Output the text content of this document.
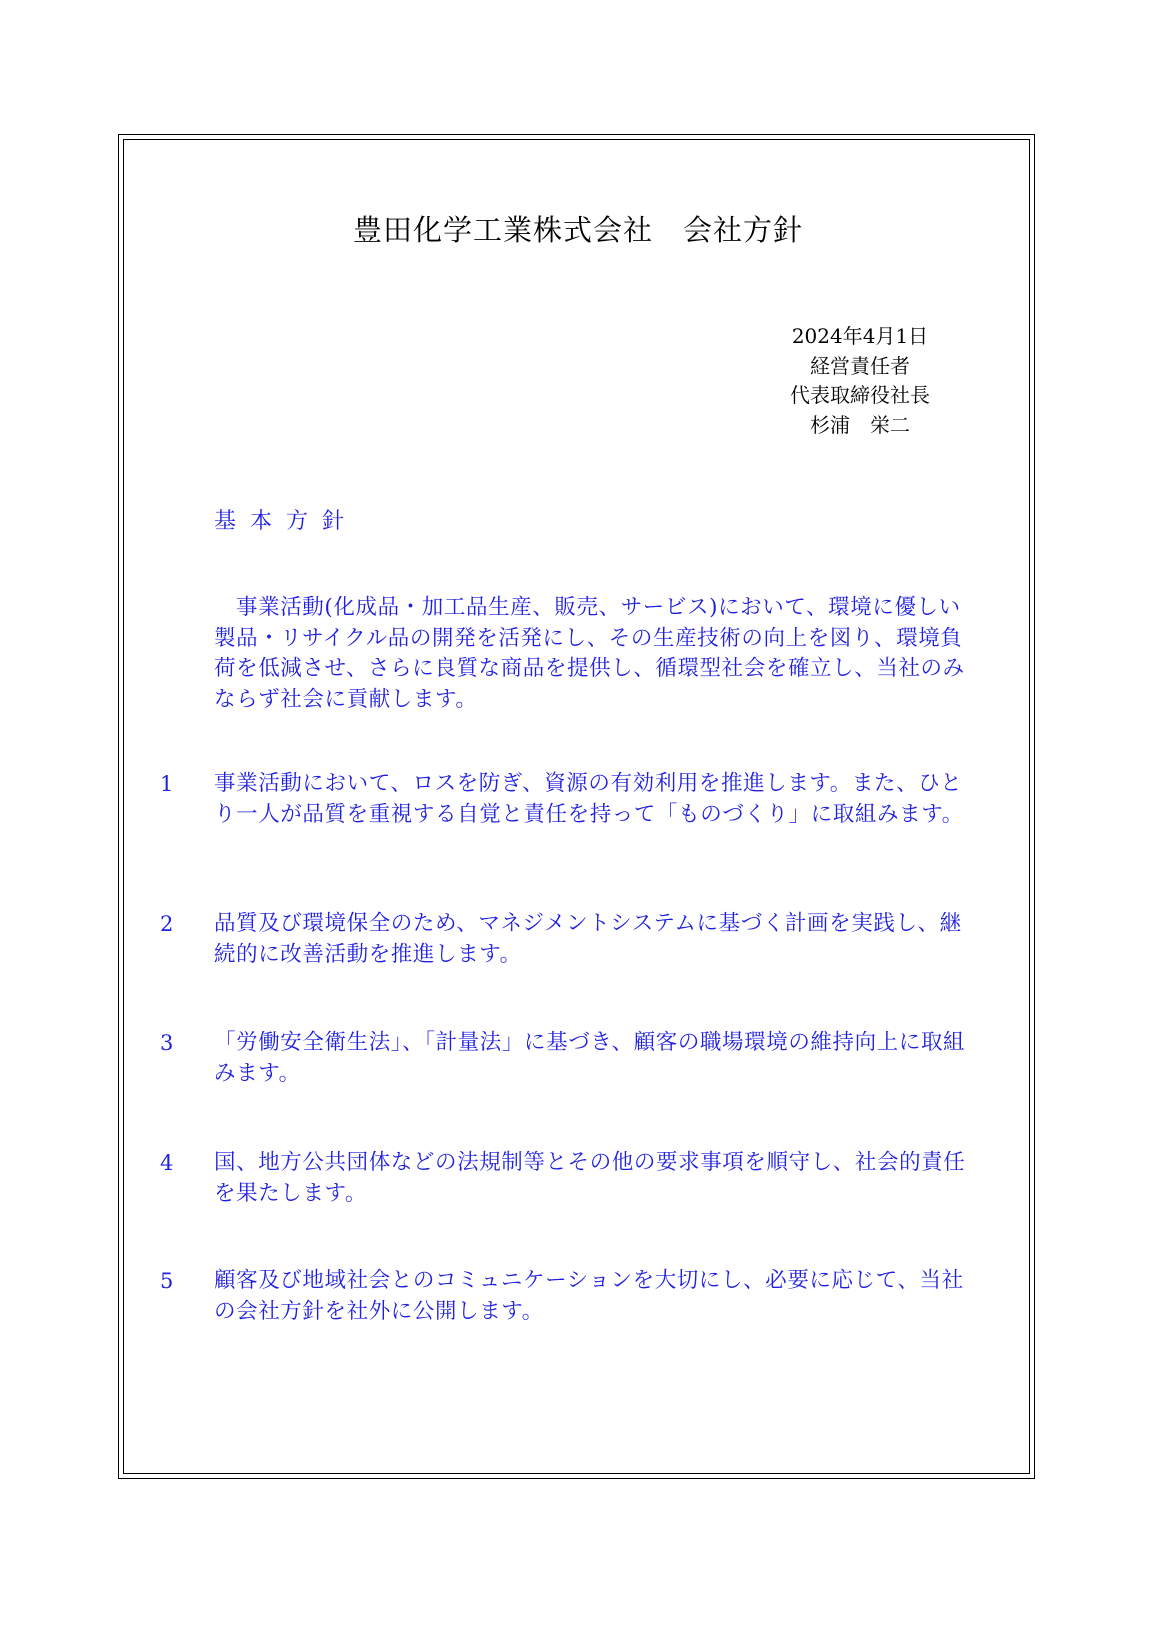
豊田化学工業株式会社　会社方針
2024年4月1日
経営責任者
代表取締役社長
杉浦　栄二
基本方針

事業活動(化成品・加工品生産、販売、サービス)において、環境に優しい製品・リサイクル品の開発を活発にし、その生産技術の向上を図り、環境負荷を低減させ、さらに良質な商品を提供し、循環型社会を確立し、当社のみならず社会に貢献します。

1 事業活動において、ロスを防ぎ、資源の有効利用を推進します。また、ひとり一人が品質を重視する自覚と責任を持って「ものづくり」に取組みます。

2 品質及び環境保全のため、マネジメントシステムに基づく計画を実践し、継続的に改善活動を推進します。

3 「労働安全衛生法」、「計量法」に基づき、顧客の職場環境の維持向上に取組みます。

4 国、地方公共団体などの法規制等とその他の要求事項を順守し、社会的責任を果たします。

5 顧客及び地域社会とのコミュニケーションを大切にし、必要に応じて、当社の会社方針を社外に公開します。
